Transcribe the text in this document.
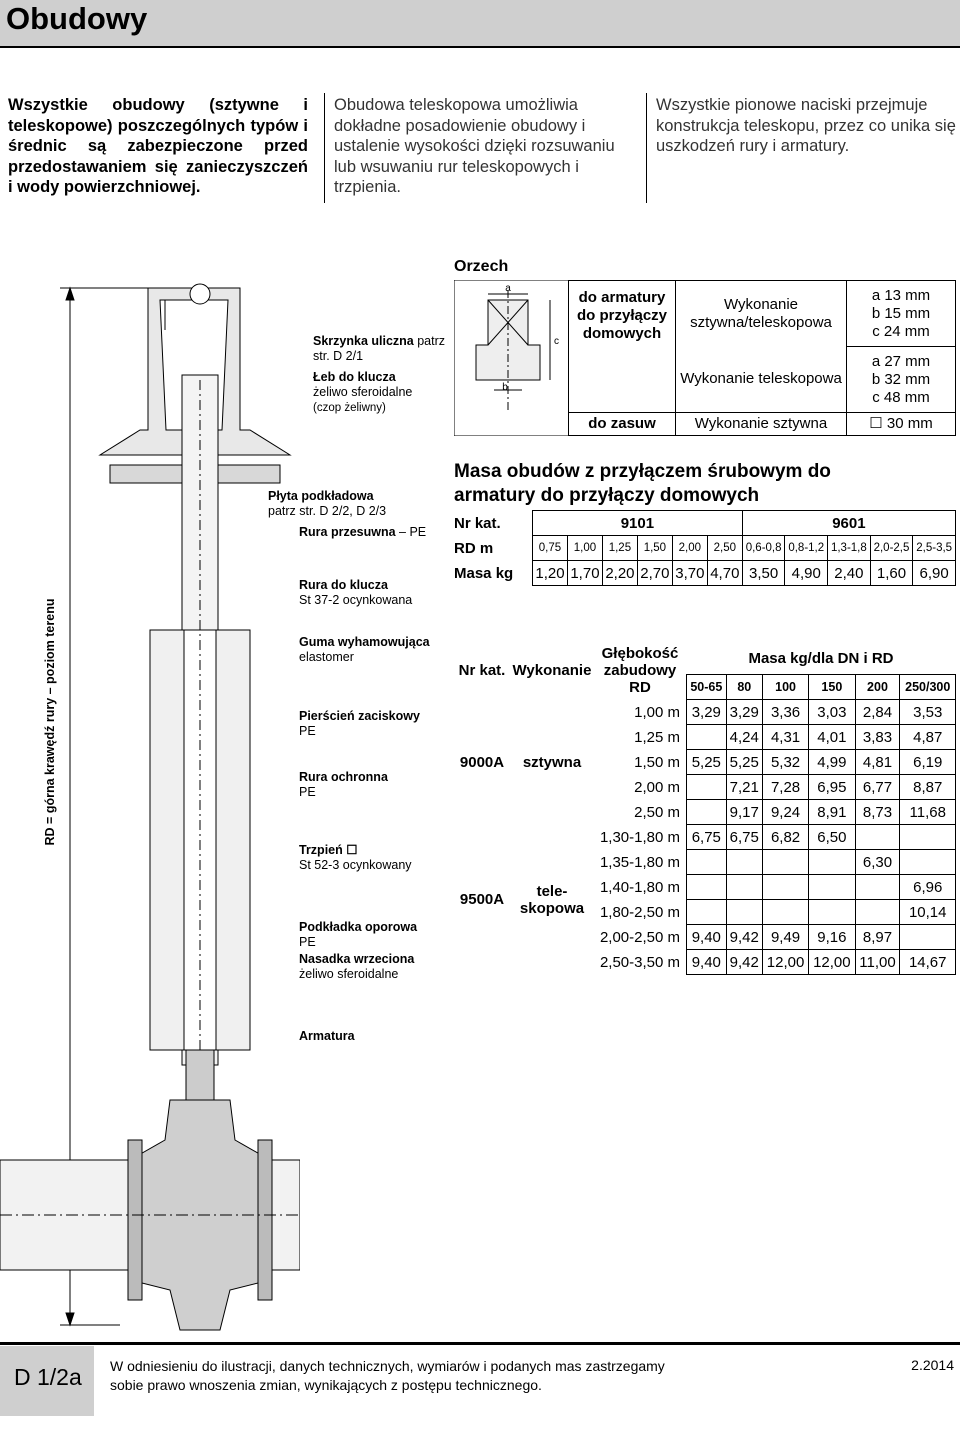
Obudowy
Wszystkie obudowy (sztywne i teleskopowe) poszczególnych typów i średnic są zabezpieczone przed przedostawaniem się zanieczyszczeń i wody powierzchniowej.
Obudowa teleskopowa umożliwia dokładne posadowienie obudowy i ustalenie wysokości dzięki rozsuwaniu lub wsuwaniu rur teleskopowych i trzpienia.
Wszystkie pionowe naciski przejmuje konstrukcja teleskopu, przez co unika się uszkodzeń rury i armatury.
RD = górna krawędź rury – poziom terenu
Skrzynka uliczna patrz str. D 2/1
Łeb do klucza
żeliwo sferoidalne
(czop żeliwny)
Płyta podkładowa
patrz str. D 2/2, D 2/3
Rura przesuwna – PE
Rura do klucza
St 37-2 ocynkowana
Guma wyhamowująca
elastomer
Pierścień zaciskowy
PE
Rura ochronna
PE
Trzpień ☐
St 52-3 ocynkowany
Podkładka oporowa
PE
Nasadka wrzeciona
żeliwo sferoidalne
Armatura
Orzech
a
b
c
do armatury do przyłączy domowych	Wykonanie sztywna/teleskopowa	a 13 mm
b 15 mm
c 24 mm

	Wykonanie teleskopowa	a 27 mm
b 32 mm
c 48 mm

do zasuw	Wykonanie sztywna	☐ 30 mm
Masa obudów z przyłączem śrubowym do armatury do przyłączy domowych
Nr kat.	9101						9601				
RD m	0,75	1,00	1,25	1,50	2,00	2,50	0,6-0,8	0,8-1,2	1,3-1,8	2,0-2,5	2,5-3,5
Masa kg	1,20	1,70	2,20	2,70	3,70	4,70	3,50	4,90	2,40	1,60	6,90
Nr kat.	Wykonanie	Głębokość zabudowy RD	Masa kg/dla DN i RD					
			50-65	80	100	150	200	250/300
9000A	sztywna	1,00 m	3,29	3,29	3,36	3,03	2,84	3,53
		1,25 m		4,24	4,31	4,01	3,83	4,87
		1,50 m	5,25	5,25	5,32	4,99	4,81	6,19
		2,00 m		7,21	7,28	6,95	6,77	8,87
		2,50 m		9,17	9,24	8,91	8,73	11,68
9500A	tele-skopowa	1,30-1,80 m	6,75	6,75	6,82	6,50		
		1,35-1,80 m					6,30	
		1,40-1,80 m						6,96
		1,80-2,50 m						10,14
		2,00-2,50 m	9,40	9,42	9,49	9,16	8,97	
		2,50-3,50 m	9,40	9,42	12,00	12,00	11,00	14,67
D 1/2a W odniesieniu do ilustracji, danych technicznych, wymiarów i podanych mas zastrzegamy sobie prawo wnoszenia zmian, wynikających z postępu technicznego.
2.2014
